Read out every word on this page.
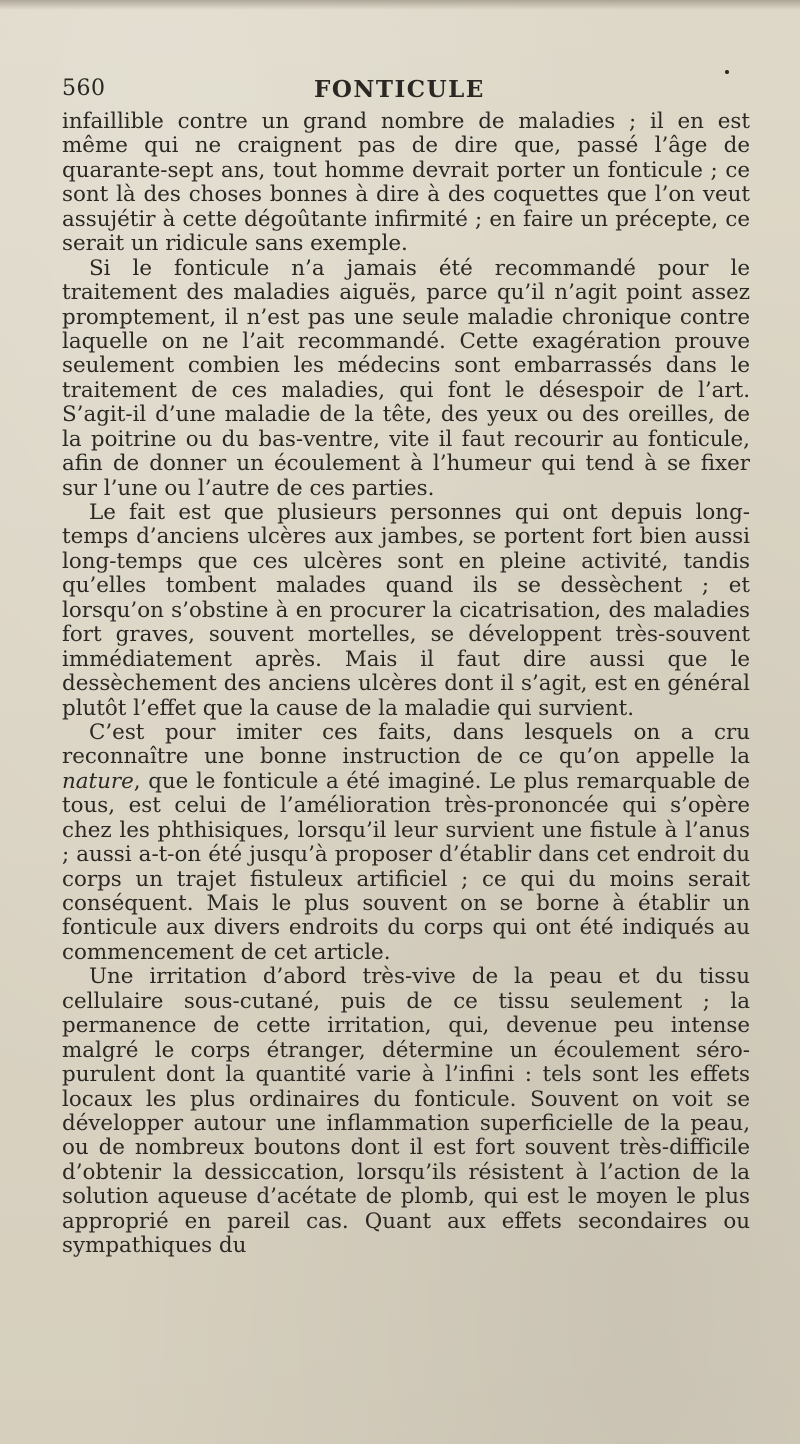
560	FONTICULE

infaillible contre un grand nombre de maladies ; il en est même qui ne craignent pas de dire que, passé l’âge de quarante-sept ans, tout homme devrait porter un fonticule ; ce sont là des choses bonnes à dire à des coquettes que l’on veut assujétir à cette dégoûtante infirmité ; en faire un précepte, ce serait un ridicule sans exemple.

Si le fonticule n’a jamais été recommandé pour le traitement des maladies aiguës, parce qu’il n’agit point assez promptement, il n’est pas une seule maladie chronique contre laquelle on ne l’ait recommandé. Cette exagération prouve seulement combien les médecins sont embarrassés dans le traitement de ces maladies, qui font le désespoir de l’art. S’agit-il d’une maladie de la tête, des yeux ou des oreilles, de la poitrine ou du bas-ventre, vite il faut recourir au fonticule, afin de donner un écoulement à l’humeur qui tend à se fixer sur l’une ou l’autre de ces parties.

Le fait est que plusieurs personnes qui ont depuis long-temps d’anciens ulcères aux jambes, se portent fort bien aussi long-temps que ces ulcères sont en pleine activité, tandis qu’elles tombent malades quand ils se dessèchent ; et lorsqu’on s’obstine à en procurer la cicatrisation, des maladies fort graves, souvent mortelles, se développent très-souvent immédiatement après. Mais il faut dire aussi que le dessèchement des anciens ulcères dont il s’agit, est en général plutôt l’effet que la cause de la maladie qui survient.

C’est pour imiter ces faits, dans lesquels on a cru reconnaître une bonne instruction de ce qu’on appelle la nature, que le fonticule a été imaginé. Le plus remarquable de tous, est celui de l’amélioration très-prononcée qui s’opère chez les phthisiques, lorsqu’il leur survient une fistule à l’anus ; aussi a-t-on été jusqu’à proposer d’établir dans cet endroit du corps un trajet fistuleux artificiel ; ce qui du moins serait conséquent. Mais le plus souvent on se borne à établir un fonticule aux divers endroits du corps qui ont été indiqués au commencement de cet article.

Une irritation d’abord très-vive de la peau et du tissu cellulaire sous-cutané, puis de ce tissu seulement ; la permanence de cette irritation, qui, devenue peu intense malgré le corps étranger, détermine un écoulement séro-purulent dont la quantité varie à l’infini : tels sont les effets locaux les plus ordinaires du fonticule. Souvent on voit se développer autour une inflammation superficielle de la peau, ou de nombreux boutons dont il est fort souvent très-difficile d’obtenir la dessiccation, lorsqu’ils résistent à l’action de la solution aqueuse d’acétate de plomb, qui est le moyen le plus approprié en pareil cas. Quant aux effets secondaires ou sympathiques du
